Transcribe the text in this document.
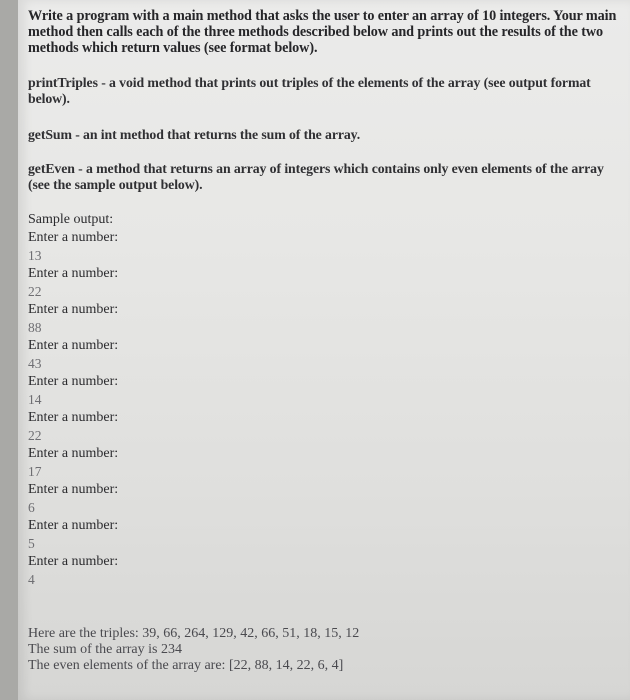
Write a program with a main method that asks the user to enter an array of 10 integers. Your main method then calls each of the three methods described below and prints out the results of the two methods which return values (see format below).

printTriples - a void method that prints out triples of the elements of the array (see output format below).

getSum - an int method that returns the sum of the array.

getEven - a method that returns an array of integers which contains only even elements of the array (see the sample output below).

Sample output:
Enter a number:
13
Enter a number:
22
Enter a number:
88
Enter a number:
43
Enter a number:
14
Enter a number:
22
Enter a number:
17
Enter a number:
6
Enter a number:
5
Enter a number:
4
Here are the triples: 39, 66, 264, 129, 42, 66, 51, 18, 15, 12
The sum of the array is 234
The even elements of the array are: [22, 88, 14, 22, 6, 4]
